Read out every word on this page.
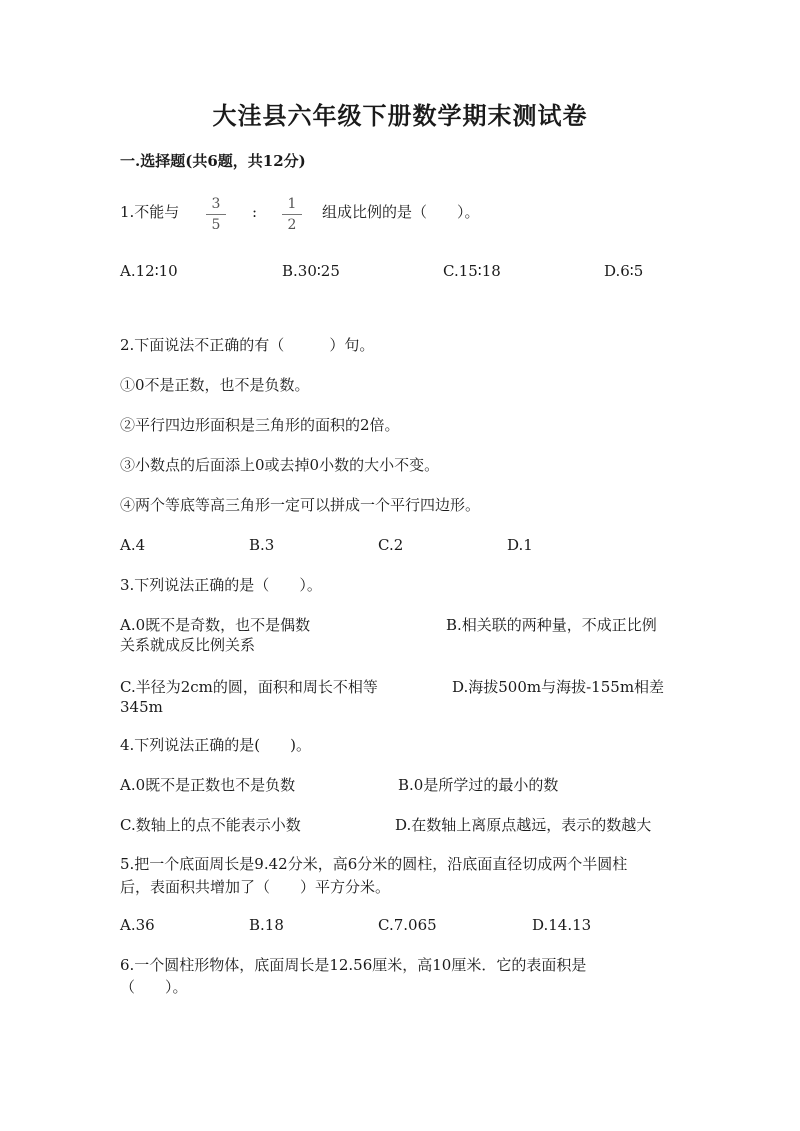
大洼县六年级下册数学期末测试卷
一.选择题(共6题，共12分)
1.不能与	3
5
:	1
2
组成比例的是（　　）。
A.12∶10	B.30∶25	C.15∶18	D.6∶5
2.下面说法不正确的有（　　　）句。
①0不是正数，也不是负数。
②平行四边形面积是三角形的面积的2倍。
③小数点的后面添上0或去掉0小数的大小不变。
④两个等底等高三角形一定可以拼成一个平行四边形。
A.4	B.3	C.2	D.1
3.下列说法正确的是（　　）。
A.0既不是奇数，也不是偶数	B.相关联的两种量，不成正比例
关系就成反比例关系
C.半径为2cm的圆，面积和周长不相等	D.海拔500m与海拔-155m相差
345m
4.下列说法正确的是(　　)。
A.0既不是正数也不是负数	B.0是所学过的最小的数
C.数轴上的点不能表示小数	D.在数轴上离原点越远，表示的数越大
5.把一个底面周长是9.42分米，高6分米的圆柱，沿底面直径切成两个半圆柱
后，表面积共增加了（　　）平方分米。
A.36	B.18	C.7.065	D.14.13
6.一个圆柱形物体，底面周长是12.56厘米，高10厘米．它的表面积是
（　　）。
